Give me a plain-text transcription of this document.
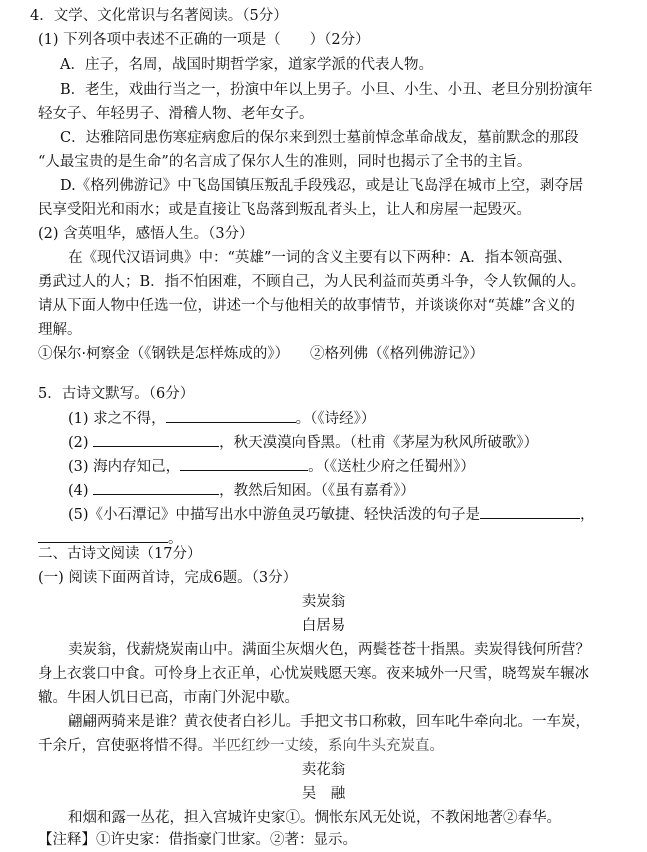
4．文学、文化常识与名著阅读。（5分）
(1) 下列各项中表述不正确的一项是（　　）（2分）
A．庄子，名周，战国时期哲学家，道家学派的代表人物。
B．老生，戏曲行当之一，扮演中年以上男子。小旦、小生、小丑、老旦分别扮演年
轻女子、年轻男子、滑稽人物、老年女子。
C．达雅陪同患伤寒症病愈后的保尔来到烈士墓前悼念革命战友，墓前默念的那段
“人最宝贵的是生命”的名言成了保尔人生的准则，同时也揭示了全书的主旨。
D.《格列佛游记》中飞岛国镇压叛乱手段残忍，或是让飞岛浮在城市上空，剥夺居
民享受阳光和雨水；或是直接让飞岛落到叛乱者头上，让人和房屋一起毁灭。
(2) 含英咀华，感悟人生。（3分）
在《现代汉语词典》中：“英雄”一词的含义主要有以下两种：A．指本领高强、
勇武过人的人；B．指不怕困难，不顾自己，为人民利益而英勇斗争，令人钦佩的人。
请从下面人物中任选一位，讲述一个与他相关的故事情节，并谈谈你对“英雄”含义的
理解。
①保尔·柯察金（《钢铁是怎样炼成的》） ②格列佛（《格列佛游记》）
5．古诗文默写。（6分）
(1) 求之不得，	。（《诗经》）
(2)	，秋天漠漠向昏黑。（杜甫《茅屋为秋风所破歌》）
(3) 海内存知己，	。（《送杜少府之任蜀州》）
(4)	，教然后知困。（《虽有嘉肴》）
(5)《小石潭记》中描写出水中游鱼灵巧敏捷、轻快活泼的句子是	，
。
二、古诗文阅读（17分）
(一) 阅读下面两首诗，完成6题。（3分）
卖炭翁
白居易
卖炭翁，伐薪烧炭南山中。满面尘灰烟火色，两鬓苍苍十指黑。卖炭得钱何所营？
身上衣裳口中食。可怜身上衣正单，心忧炭贱愿天寒。夜来城外一尺雪，晓驾炭车辗冰
辙。牛困人饥日已高，市南门外泥中歇。
翩翩两骑来是谁？黄衣使者白衫儿。手把文书口称敕，回车叱牛牵向北。一车炭，
千余斤，宫使驱将惜不得。半匹红纱一丈绫，系向牛头充炭直。
卖花翁
吴　融
和烟和露一丛花，担入宫城许史家①。惆怅东风无处说，不教闲地著②春华。
【注释】①许史家：借指豪门世家。②著：显示。
